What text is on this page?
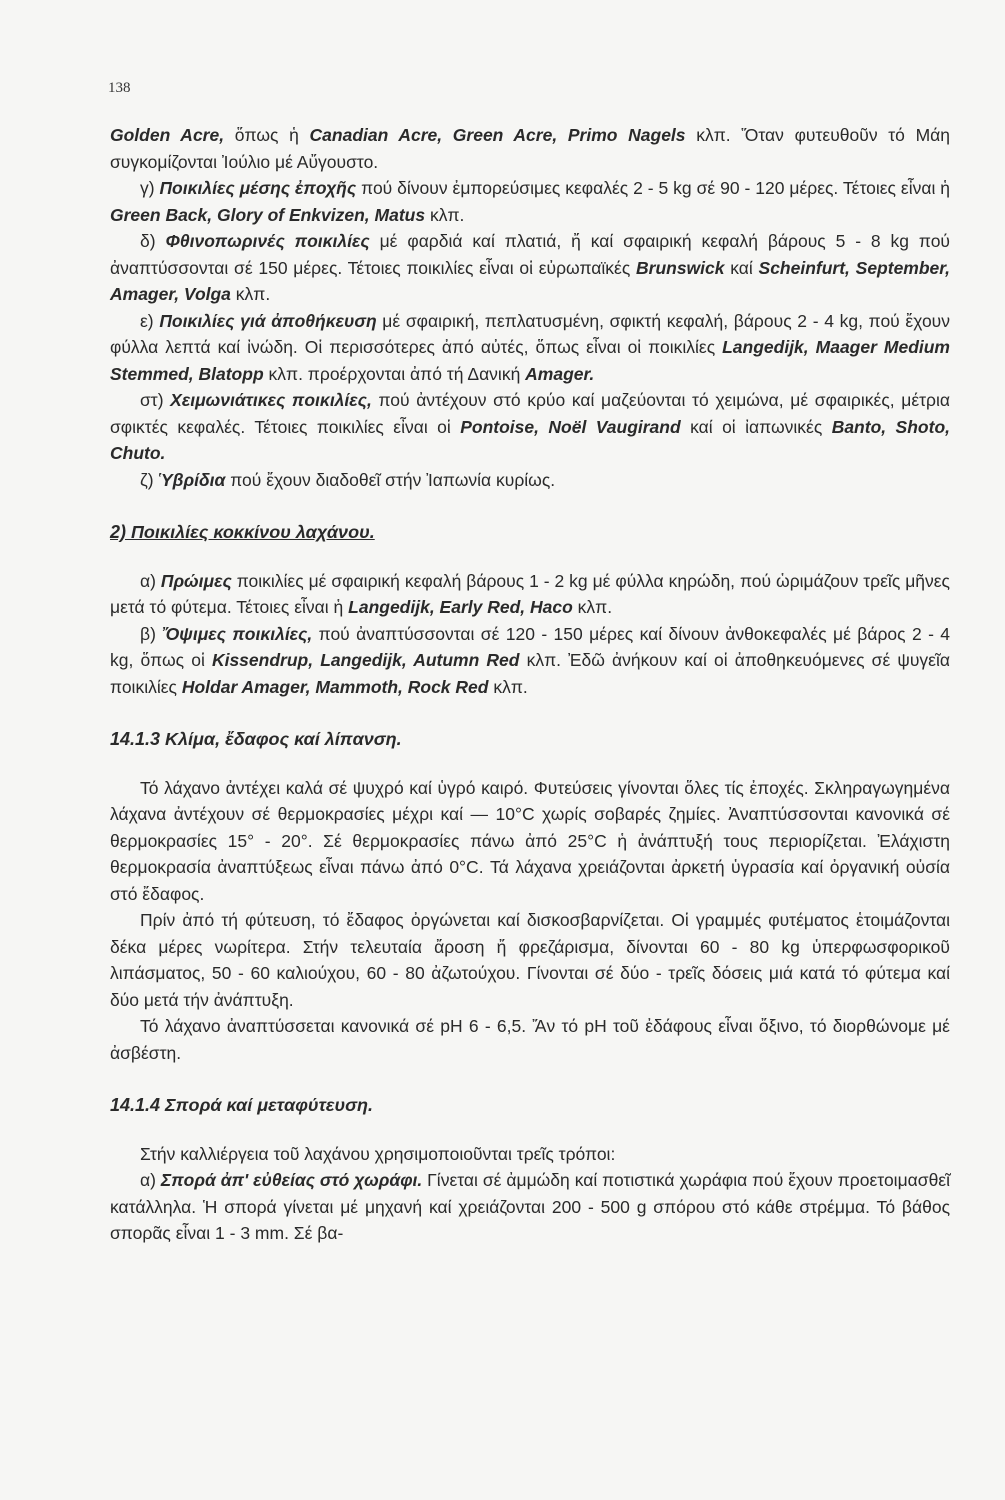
138

Golden Acre, ὅπως ἡ Canadian Acre, Green Acre, Primo Nagels κλπ. Ὅταν φυτευθοῦν τό Μάη συγκομίζονται Ἰούλιο μέ Αὔγουστο.

γ) Ποικιλίες μέσης ἐποχῆς πού δίνουν ἐμπορεύσιμες κεφαλές 2 - 5 kg σέ 90 - 120 μέρες. Τέτοιες εἶναι ἡ Green Back, Glory of Enkvizen, Matus κλπ.

δ) Φθινοπωρινές ποικιλίες μέ φαρδιά καί πλατιά, ἤ καί σφαιρική κεφαλή βάρους 5 - 8 kg πού ἀναπτύσσονται σέ 150 μέρες. Τέτοιες ποικιλίες εἶναι οἱ εὐρωπαϊκές Brunswick καί Scheinfurt, September, Amager, Volga κλπ.

ε) Ποικιλίες γιά ἀποθήκευση μέ σφαιρική, πεπλατυσμένη, σφικτή κεφαλή, βάρους 2 - 4 kg, πού ἔχουν φύλλα λεπτά καί ἰνώδη. Οἱ περισσότερες ἀπό αὐτές, ὅπως εἶναι οἱ ποικιλίες Langedijk, Maager Medium Stemmed, Blatopp κλπ. προέρχονται ἀπό τή Δανική Amager.

στ) Χειμωνιάτικες ποικιλίες, πού ἀντέχουν στό κρύο καί μαζεύονται τό χειμώνα, μέ σφαιρικές, μέτρια σφικτές κεφαλές. Τέτοιες ποικιλίες εἶναι οἱ Pontoise, Noël Vaugirand καί οἱ ἰαπωνικές Banto, Shoto, Chuto.

ζ) Ὑβρίδια πού ἔχουν διαδοθεῖ στήν Ἰαπωνία κυρίως.

2) Ποικιλίες κοκκίνου λαχάνου.

α) Πρώιμες ποικιλίες μέ σφαιρική κεφαλή βάρους 1 - 2 kg μέ φύλλα κηρώδη, πού ὡριμάζουν τρεῖς μῆνες μετά τό φύτεμα. Τέτοιες εἶναι ἡ Langedijk, Early Red, Haco κλπ.

β) Ὄψιμες ποικιλίες, πού ἀναπτύσσονται σέ 120 - 150 μέρες καί δίνουν ἀνθοκεφαλές μέ βάρος 2 - 4 kg, ὅπως οἱ Kissendrup, Langedijk, Autumn Red κλπ. Ἐδῶ ἀνήκουν καί οἱ ἀποθηκευόμενες σέ ψυγεῖα ποικιλίες Holdar Amager, Mammoth, Rock Red κλπ.

14.1.3 Κλίμα, ἔδαφος καί λίπανση.

Τό λάχανο ἀντέχει καλά σέ ψυχρό καί ὑγρό καιρό. Φυτεύσεις γίνονται ὅλες τίς ἐποχές. Σκληραγωγημένα λάχανα ἀντέχουν σέ θερμοκρασίες μέχρι καί — 10°C χωρίς σοβαρές ζημίες. Ἀναπτύσσονται κανονικά σέ θερμοκρασίες 15° - 20°. Σέ θερμοκρασίες πάνω ἀπό 25°C ἡ ἀνάπτυξή τους περιορίζεται. Ἐλάχιστη θερμοκρασία ἀναπτύξεως εἶναι πάνω ἀπό 0°C. Τά λάχανα χρειάζονται ἀρκετή ὑγρασία καί ὀργανική οὐσία στό ἔδαφος.

Πρίν ἀπό τή φύτευση, τό ἔδαφος ὀργώνεται καί δισκοσβαρνίζεται. Οἱ γραμμές φυτέματος ἑτοιμάζονται δέκα μέρες νωρίτερα. Στήν τελευταία ἄροση ἤ φρεζάρισμα, δίνονται 60 - 80 kg ὑπερφωσφορικοῦ λιπάσματος, 50 - 60 καλιούχου, 60 - 80 ἀζωτούχου. Γίνονται σέ δύο - τρεῖς δόσεις μιά κατά τό φύτεμα καί δύο μετά τήν ἀνάπτυξη.

Τό λάχανο ἀναπτύσσεται κανονικά σέ pH 6 - 6,5. Ἄν τό pH τοῦ ἐδάφους εἶναι ὄξινο, τό διορθώνομε μέ ἀσβέστη.

14.1.4 Σπορά καί μεταφύτευση.

Στήν καλλιέργεια τοῦ λαχάνου χρησιμοποιοῦνται τρεῖς τρόποι:

α) Σπορά ἀπ' εὐθείας στό χωράφι. Γίνεται σέ ἀμμώδη καί ποτιστικά χωράφια πού ἔχουν προετοιμασθεῖ κατάλληλα. Ἡ σπορά γίνεται μέ μηχανή καί χρειάζονται 200 - 500 g σπόρου στό κάθε στρέμμα. Τό βάθος σπορᾶς εἶναι 1 - 3 mm. Σέ βα-
